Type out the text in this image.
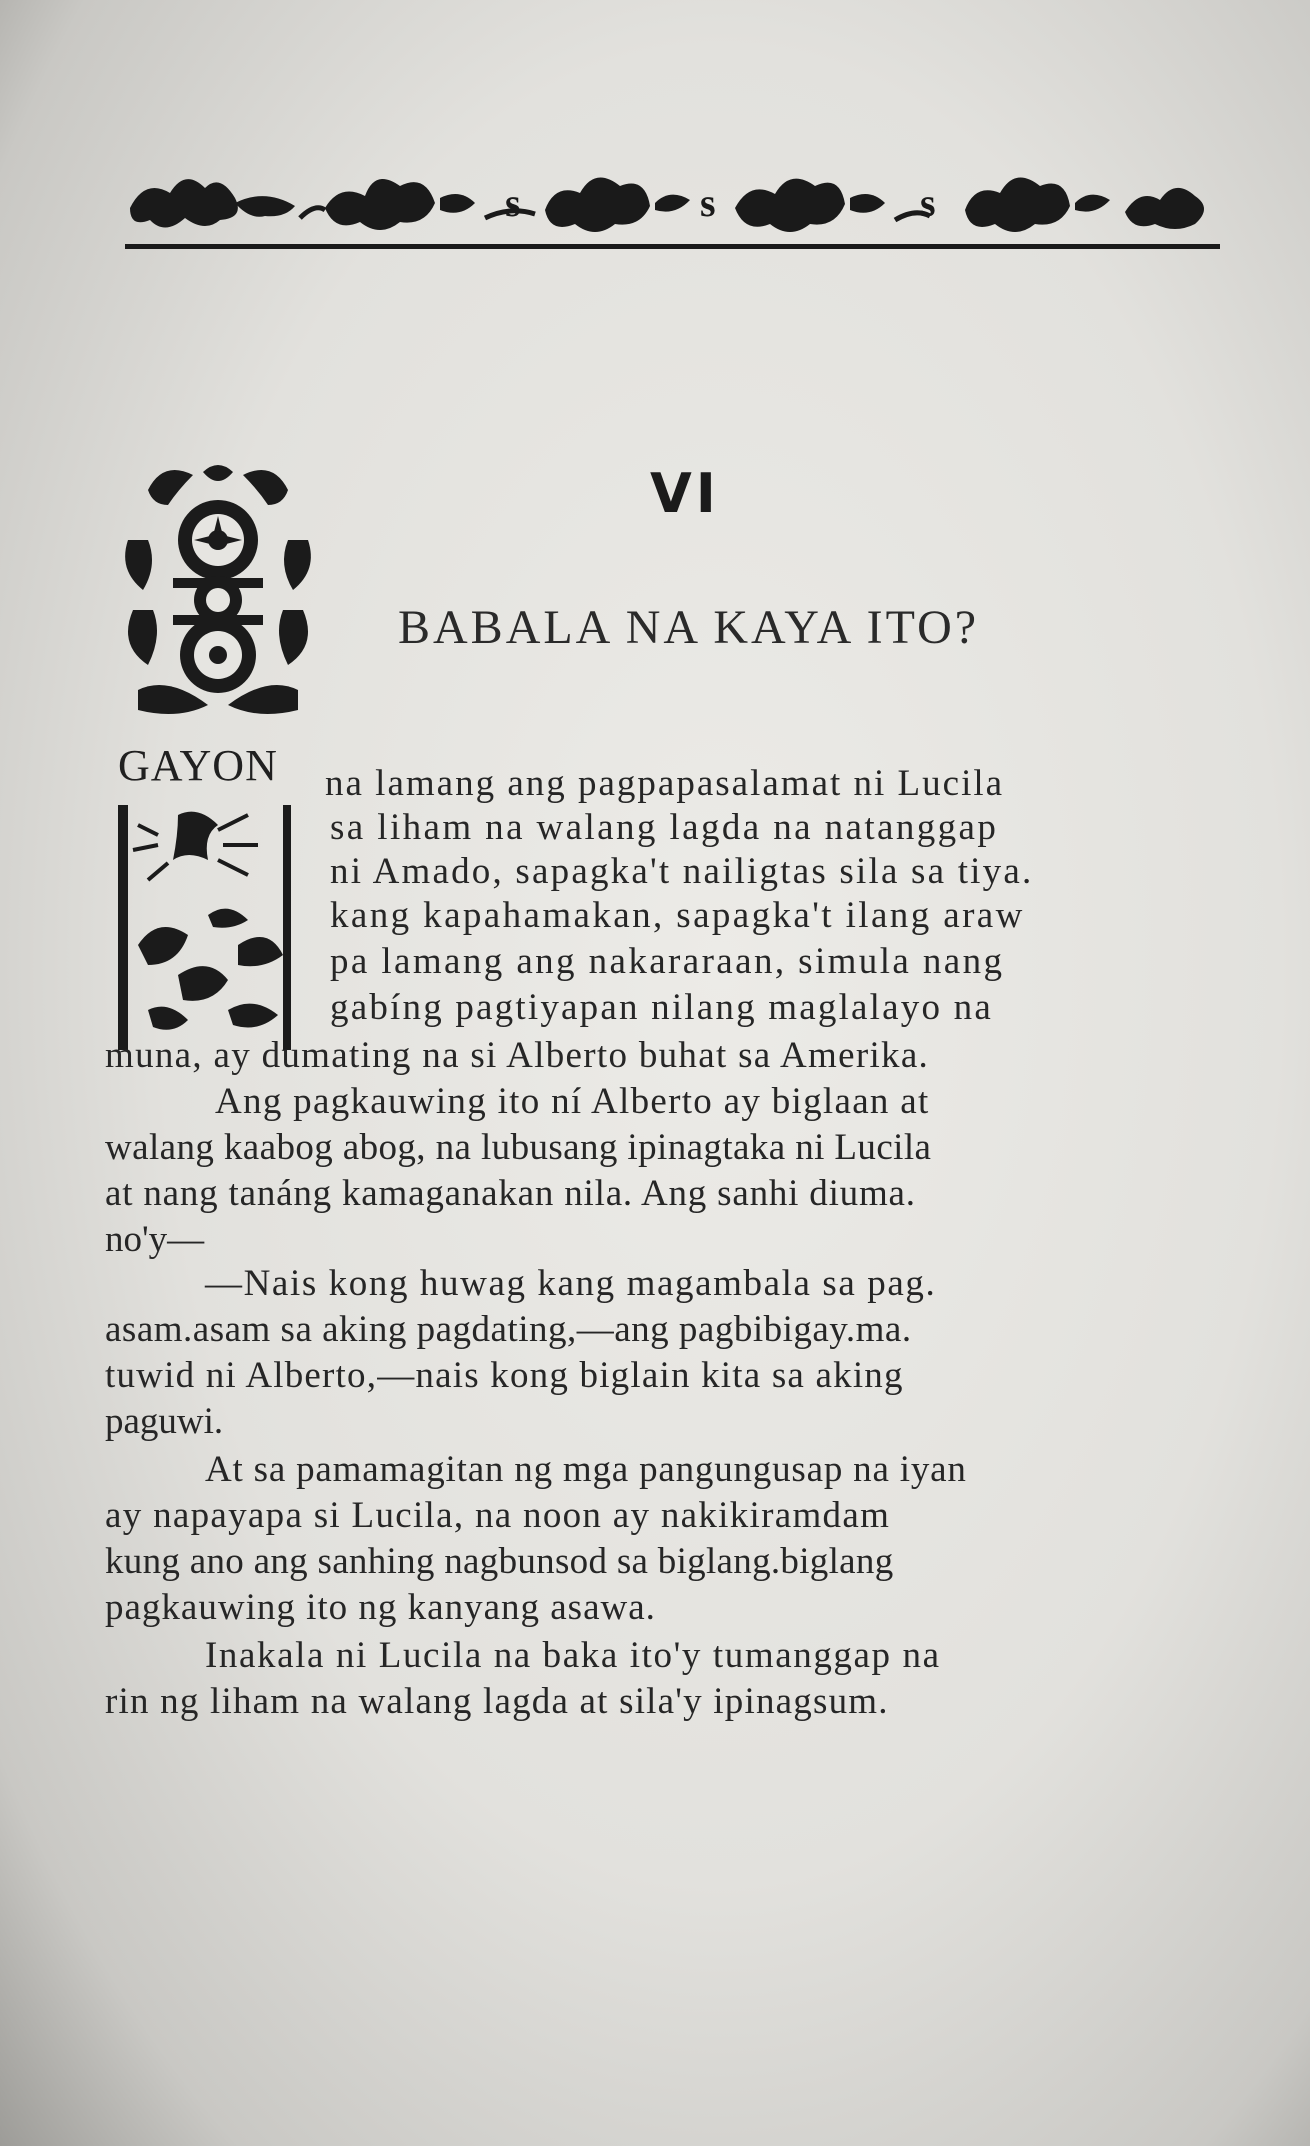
s	s	s
VI
BABALA NA KAYA ITO?
GAYON na lamang ang pagpapasalamat ni Lucila
sa liham na walang lagda na natanggap
ni Amado, sapagka't nailigtas sila sa tiya.
kang kapahamakan, sapagka't ilang araw
pa lamang ang nakararaan, simula nang
gabíng pagtiyapan nilang maglalayo na
muna, ay dumating na si Alberto buhat sa Amerika.
Ang pagkauwing ito ní Alberto ay biglaan at
walang kaabog abog, na lubusang ipinagtaka ni Lucila
at nang tanáng kamaganakan nila. Ang sanhi diuma.
no'y—
—Nais kong huwag kang magambala sa pag.
asam.asam sa aking pagdating,—ang pagbibigay.ma.
tuwid ni Alberto,—nais kong biglain kita sa aking
paguwi.
At sa pamamagitan ng mga pangungusap na iyan
ay napayapa si Lucila, na noon ay nakikiramdam
kung ano ang sanhing nagbunsod sa biglang.biglang
pagkauwing ito ng kanyang asawa.
Inakala ni Lucila na baka ito'y tumanggap na
rin ng liham na walang lagda at sila'y ipinagsum.
